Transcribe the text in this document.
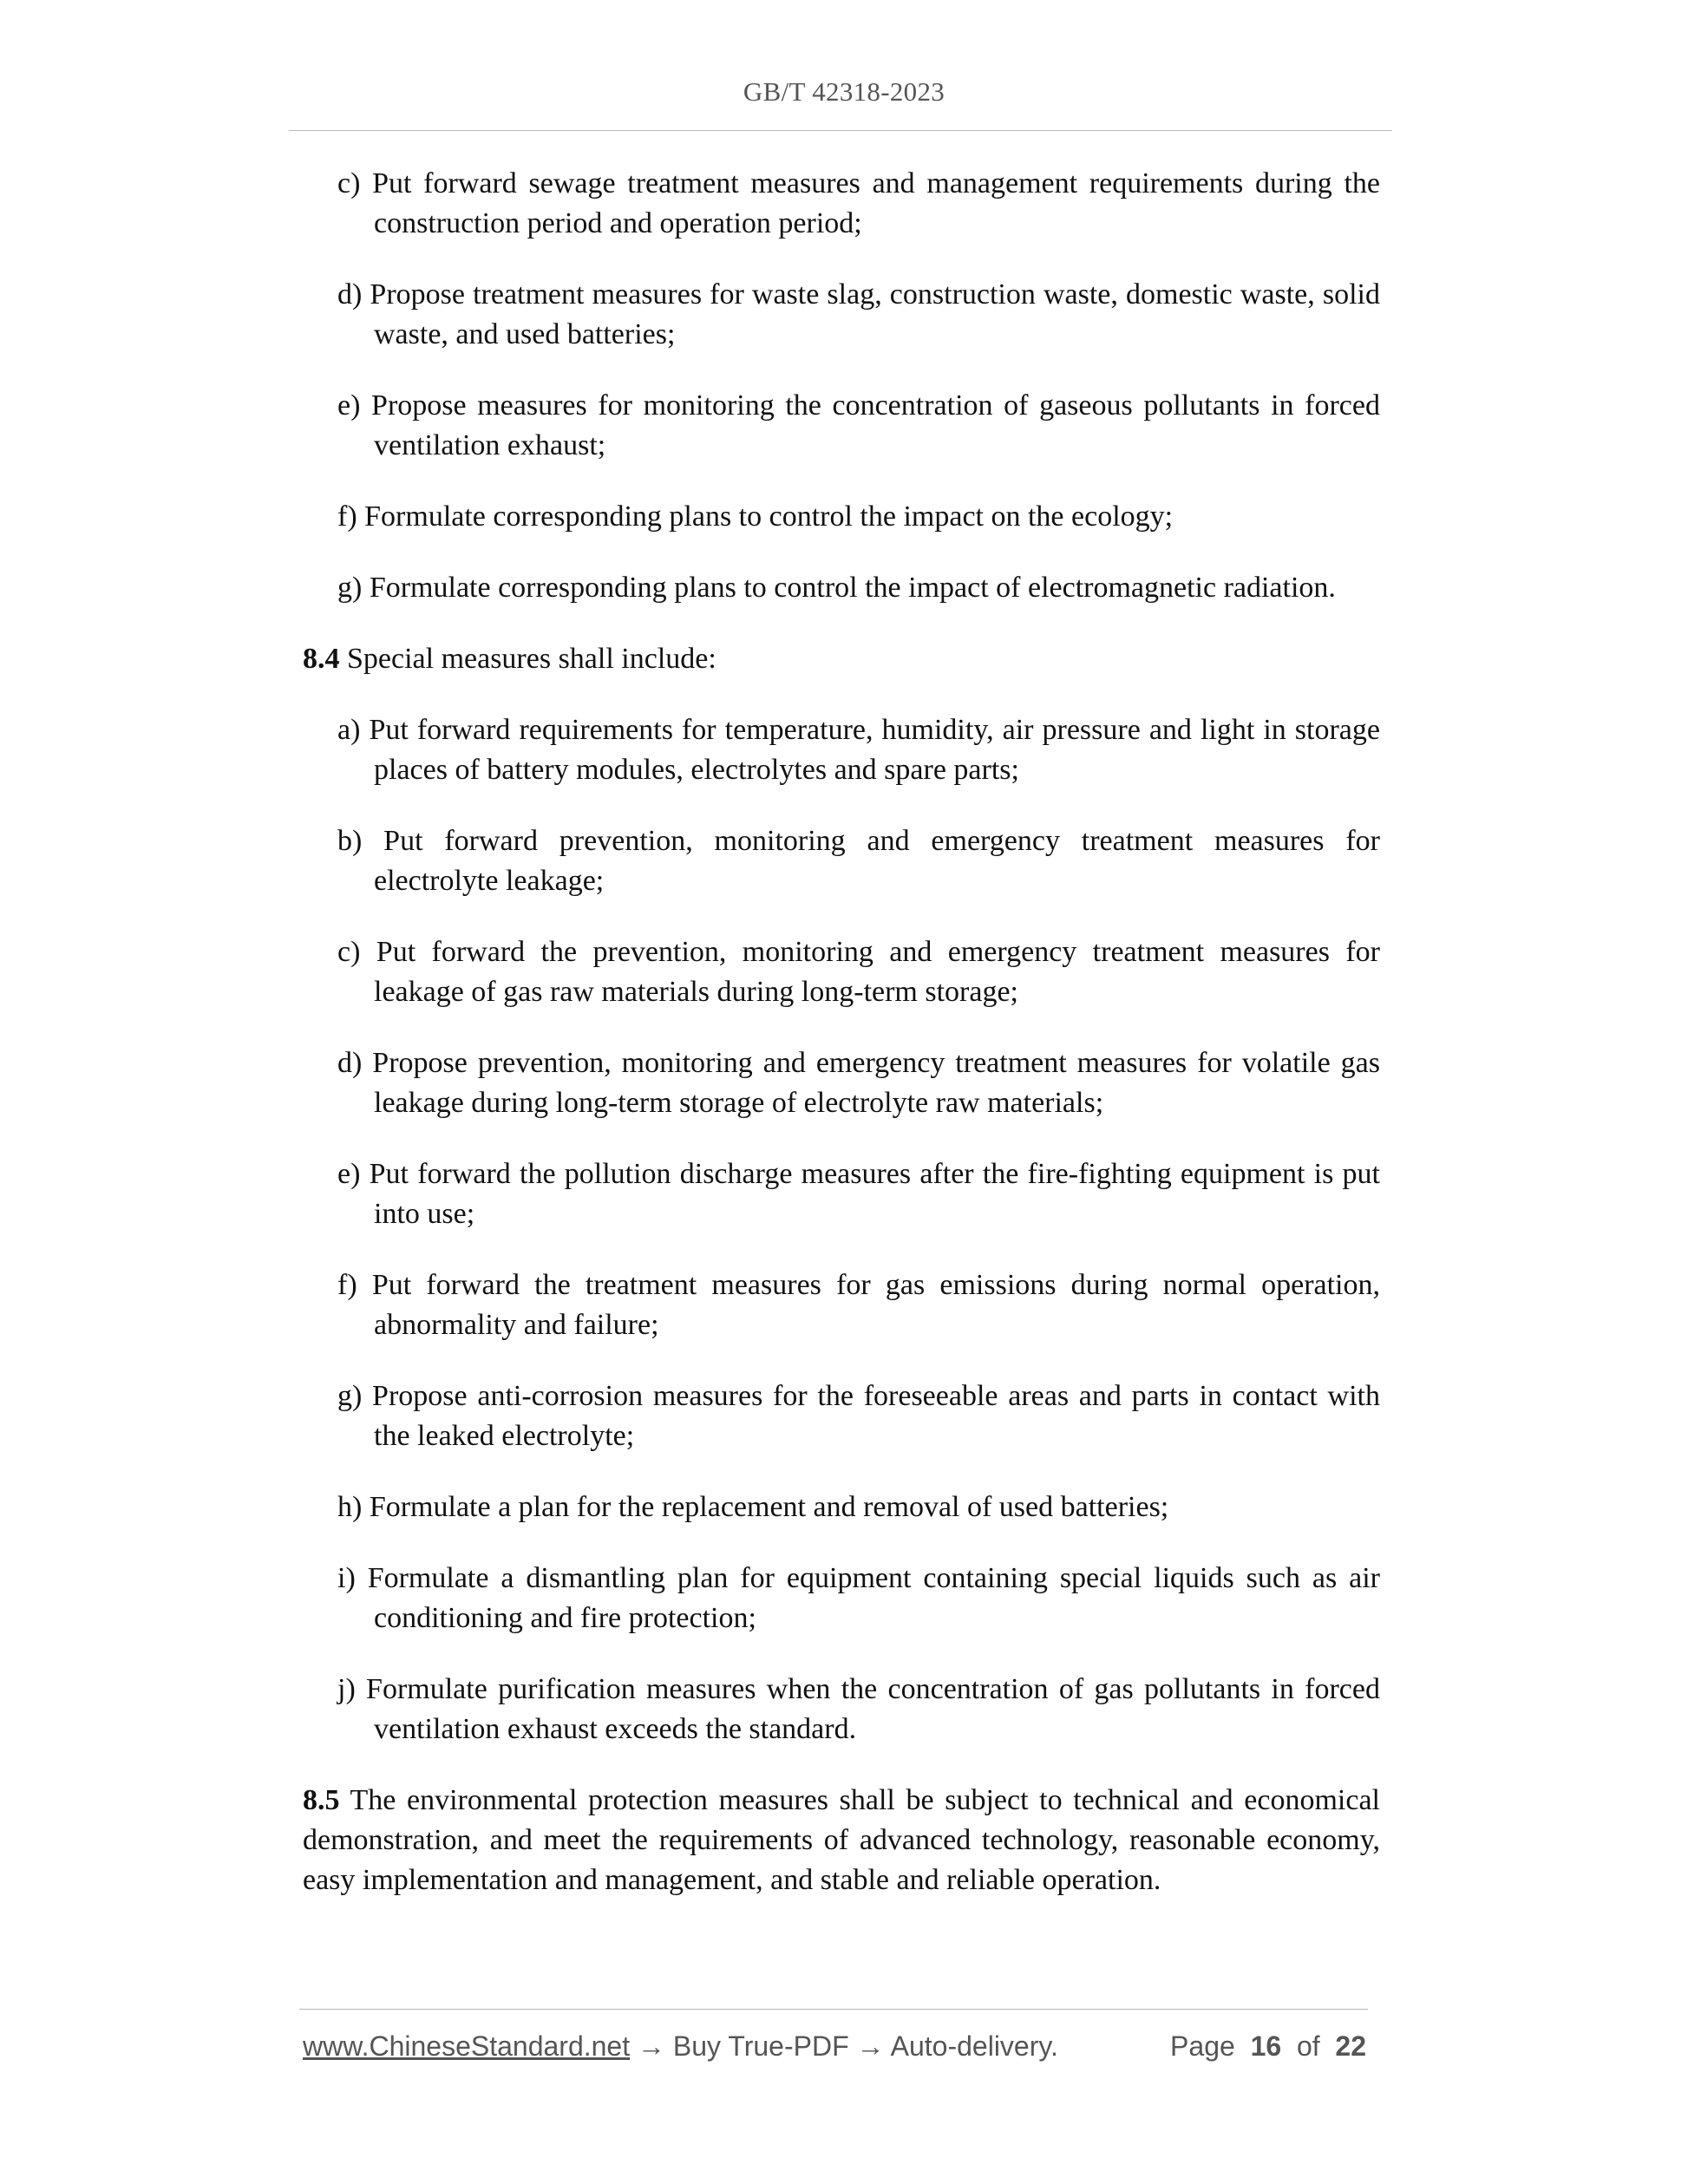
GB/T 42318-2023
c) Put forward sewage treatment measures and management requirements during the construction period and operation period;
d) Propose treatment measures for waste slag, construction waste, domestic waste, solid waste, and used batteries;
e) Propose measures for monitoring the concentration of gaseous pollutants in forced ventilation exhaust;
f) Formulate corresponding plans to control the impact on the ecology;
g) Formulate corresponding plans to control the impact of electromagnetic radiation.

8.4 Special measures shall include:

a) Put forward requirements for temperature, humidity, air pressure and light in storage places of battery modules, electrolytes and spare parts;
b) Put forward prevention, monitoring and emergency treatment measures for electrolyte leakage;
c) Put forward the prevention, monitoring and emergency treatment measures for leakage of gas raw materials during long-term storage;
d) Propose prevention, monitoring and emergency treatment measures for volatile gas leakage during long-term storage of electrolyte raw materials;
e) Put forward the pollution discharge measures after the fire-fighting equipment is put into use;
f) Put forward the treatment measures for gas emissions during normal operation, abnormality and failure;
g) Propose anti-corrosion measures for the foreseeable areas and parts in contact with the leaked electrolyte;
h) Formulate a plan for the replacement and removal of used batteries;
i) Formulate a dismantling plan for equipment containing special liquids such as air conditioning and fire protection;
j) Formulate purification measures when the concentration of gas pollutants in forced ventilation exhaust exceeds the standard.

8.5 The environmental protection measures shall be subject to technical and economical demonstration, and meet the requirements of advanced technology, reasonable economy, easy implementation and management, and stable and reliable operation.

www.ChineseStandard.net → Buy True-PDF → Auto-delivery.	Page 16 of 22
